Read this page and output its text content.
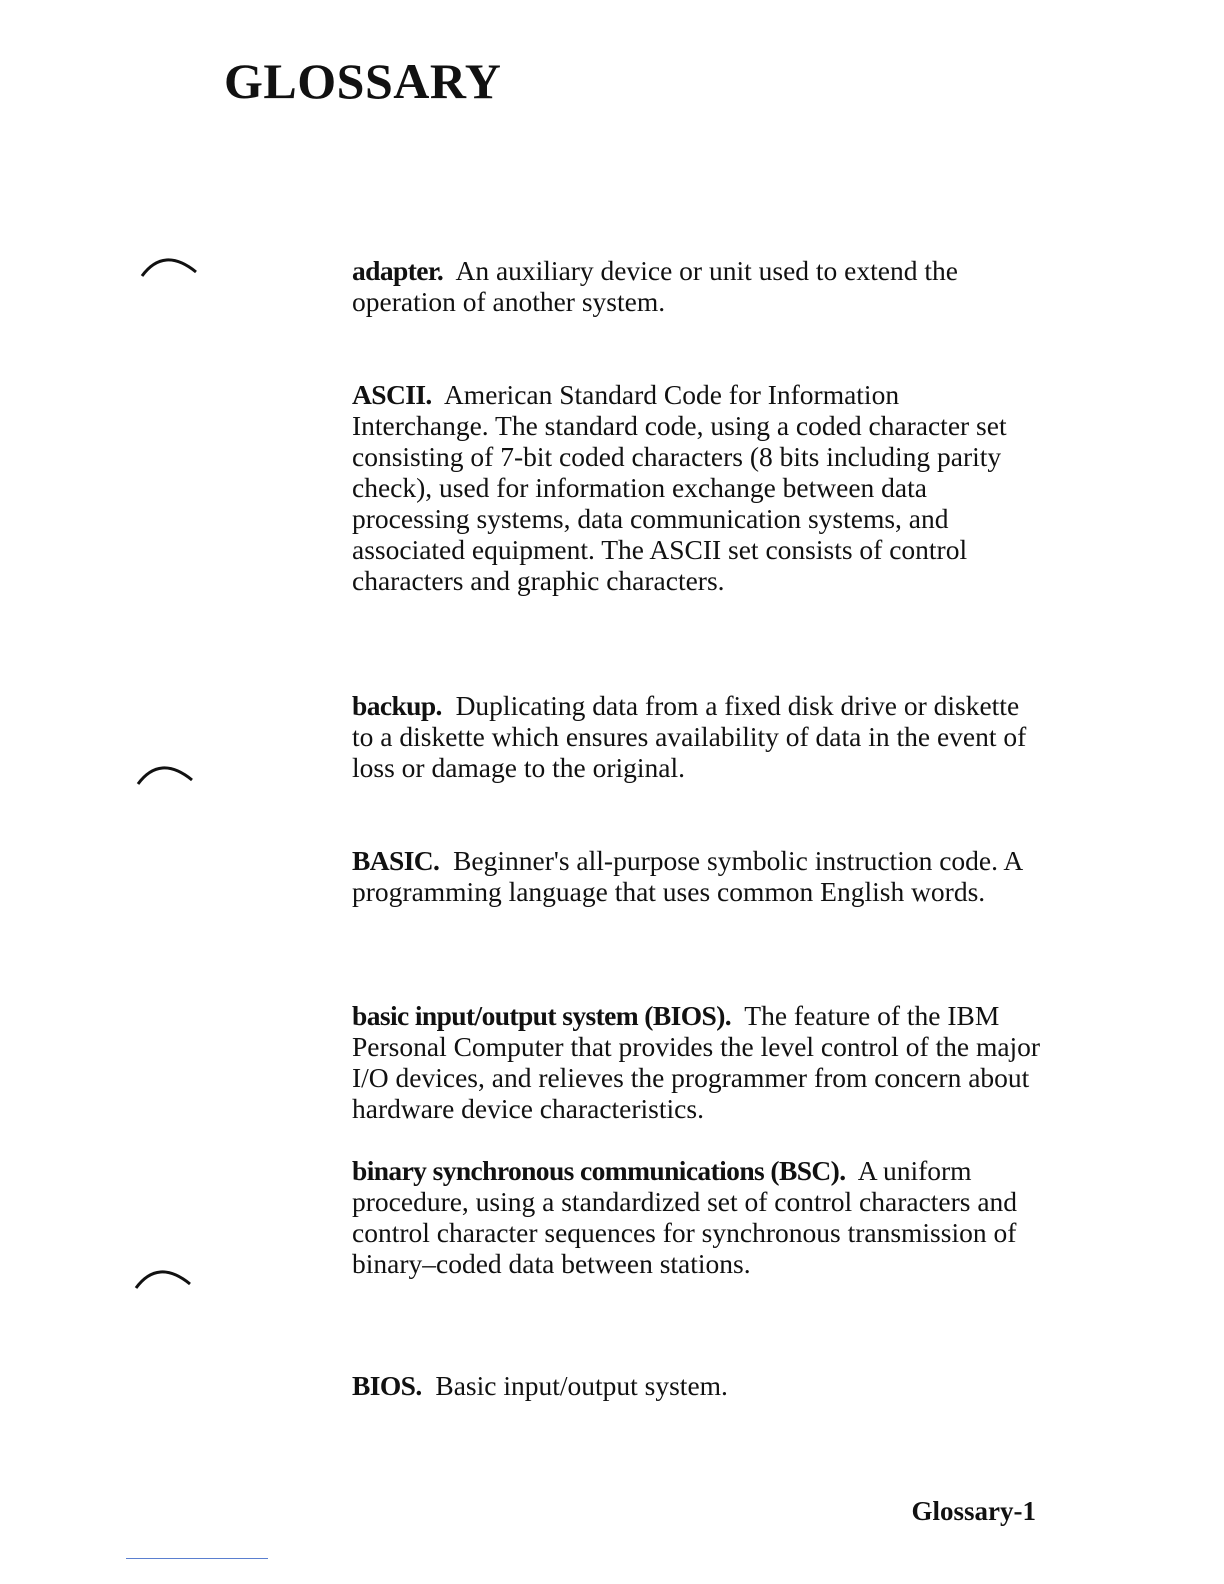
GLOSSARY

adapter. An auxiliary device or unit used to extend the operation of another system.

ASCII. American Standard Code for Information Interchange. The standard code, using a coded character set consisting of 7-bit coded characters (8 bits including parity check), used for information exchange between data processing systems, data communication systems, and associated equipment. The ASCII set consists of control characters and graphic characters.

backup. Duplicating data from a fixed disk drive or diskette to a diskette which ensures availability of data in the event of loss or damage to the original.

BASIC. Beginner's all-purpose symbolic instruction code. A programming language that uses common English words.

basic input/output system (BIOS). The feature of the IBM Personal Computer that provides the level control of the major I/O devices, and relieves the programmer from concern about hardware device characteristics.

binary synchronous communications (BSC). A uniform procedure, using a standardized set of control characters and control character sequences for synchronous transmission of binary–coded data between stations.

BIOS. Basic input/output system.

Glossary-1
